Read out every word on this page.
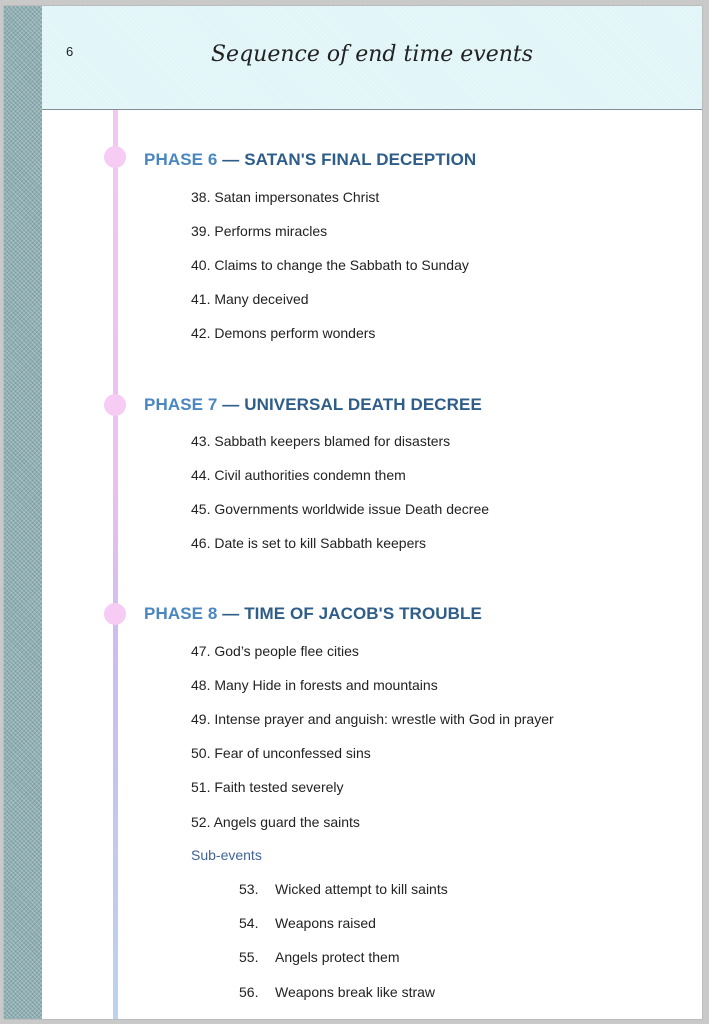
6	Sequence of end time events
PHASE 6 — SATAN'S FINAL DECEPTION
38. Satan impersonates Christ
39. Performs miracles
40. Claims to change the Sabbath to Sunday
41. Many deceived
42. Demons perform wonders
PHASE 7 — UNIVERSAL DEATH DECREE
43. Sabbath keepers blamed for disasters
44. Civil authorities condemn them
45. Governments worldwide issue Death decree
46. Date is set to kill Sabbath keepers
PHASE 8 — TIME OF JACOB'S TROUBLE
47. God’s people flee cities
48. Many Hide in forests and mountains
49. Intense prayer and anguish: wrestle with God in prayer
50. Fear of unconfessed sins
51. Faith tested severely
52. Angels guard the saints
Sub-events
53. Wicked attempt to kill saints
54. Weapons raised
55. Angels protect them
56. Weapons break like straw
